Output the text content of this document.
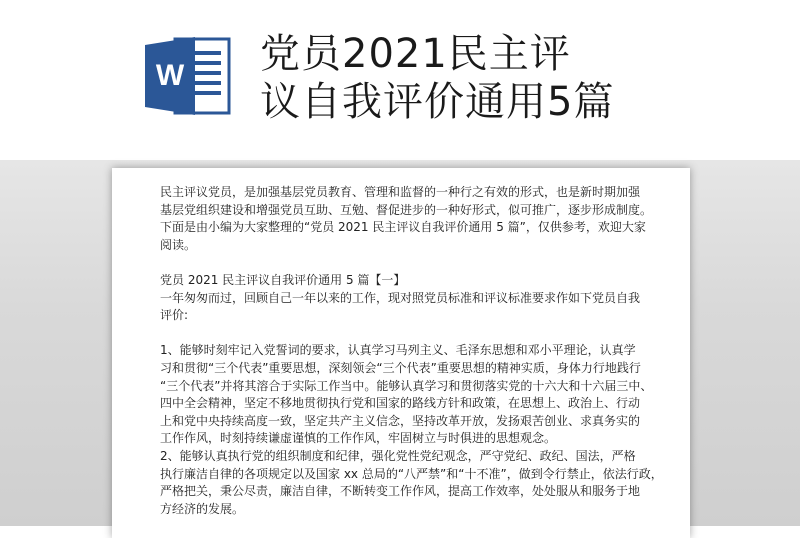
W 党员2021民主评
议自我评价通用5篇

民主评议党员，是加强基层党员教育、管理和监督的一种行之有效的形式，也是新时期加强

基层党组织建设和增强党员互助、互勉、督促进步的一种好形式，似可推广，逐步形成制度。

下面是由小编为大家整理的“党员 2021 民主评议自我评价通用 5 篇”，仅供参考，欢迎大家

阅读。

党员 2021 民主评议自我评价通用 5 篇【一】

一年匆匆而过，回顾自己一年以来的工作，现对照党员标准和评议标准要求作如下党员自我

评价:

1、能够时刻牢记入党誓词的要求，认真学习马列主义、毛泽东思想和邓小平理论，认真学

习和贯彻“三个代表”重要思想，深刻领会“三个代表”重要思想的精神实质，身体力行地践行

“三个代表”并将其溶合于实际工作当中。能够认真学习和贯彻落实党的十六大和十六届三中、

四中全会精神，坚定不移地贯彻执行党和国家的路线方针和政策，在思想上、政治上、行动

上和党中央持续高度一致，坚定共产主义信念，坚持改革开放，发扬艰苦创业、求真务实的

工作作风，时刻持续谦虚谨慎的工作作风，牢固树立与时俱进的思想观念。

2、能够认真执行党的组织制度和纪律，强化党性党纪观念，严守党纪、政纪、国法，严格

执行廉洁自律的各项规定以及国家 xx 总局的“八严禁”和“十不准”，做到令行禁止，依法行政，

严格把关，秉公尽责，廉洁自律，不断转变工作作风，提高工作效率，处处服从和服务于地

方经济的发展。
